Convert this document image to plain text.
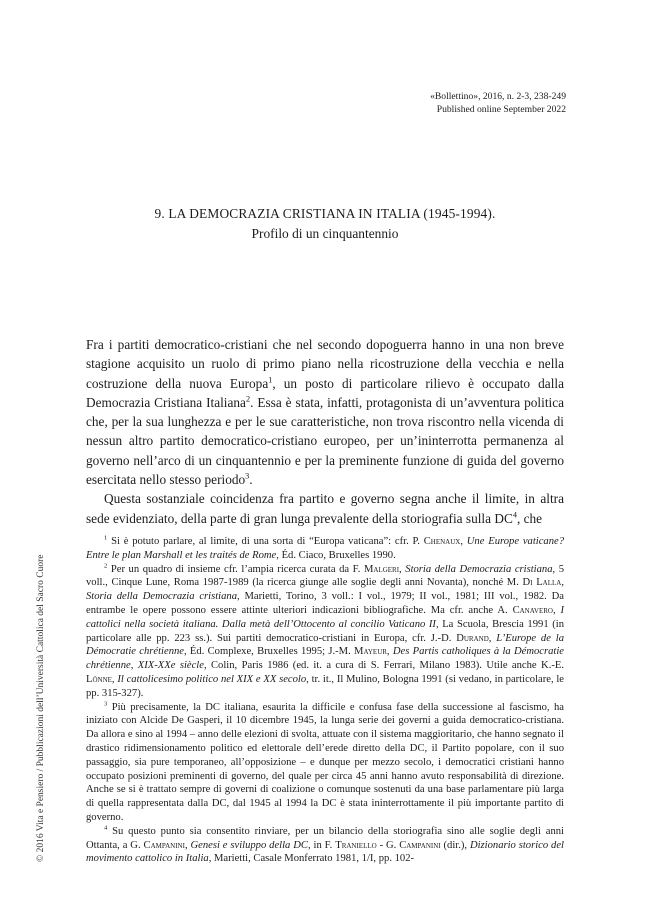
«Bollettino», 2016, n. 2-3, 238-249
Published online September 2022
9. LA DEMOCRAZIA CRISTIANA IN ITALIA (1945-1994).
Profilo di un cinquantennio

Fra i partiti democratico-cristiani che nel secondo dopoguerra hanno in una non breve stagione acquisito un ruolo di primo piano nella ricostruzione della vecchia e nella costruzione della nuova Europa$^1$, un posto di particolare rilievo è occupato dalla Democrazia Cristiana Italiana$^2$. Essa è stata, infatti, protagonista di un’avventura politica che, per la sua lunghezza e per le sue caratteristiche, non trova riscontro nella vicenda di nessun altro partito democratico-cristiano europeo, per un’ininterrotta permanenza al governo nell’arco di un cinquantennio e per la preminente funzione di guida del governo esercitata nello stesso periodo$^3$.

Questa sostanziale coincidenza fra partito e governo segna anche il limite, in altra sede evidenziato, della parte di gran lunga prevalente della storiografia sulla $DC^4$, che

$^1$ Si è potuto parlare, al limite, di una sorta di “Europa vaticana”: cfr. P. Chenaux, Une Europe vaticane? Entre le plan Marshall et les traités de Rome, Éd. Ciaco, Bruxelles 1990.

$^2$ Per un quadro di insieme cfr. l’ampia ricerca curata da F. Malgeri, Storia della Democrazia cristiana, 5 voll., Cinque Lune, Roma 1987-1989 (la ricerca giunge alle soglie degli anni Novanta), nonché M. Di Lalla, Storia della Democrazia cristiana, Marietti, Torino, 3 voll.: I vol., 1979; II vol., 1981; III vol., 1982. Da entrambe le opere possono essere attinte ulteriori indicazioni bibliografiche. Ma cfr. anche A. Canavero, I cattolici nella società italiana. Dalla metà dell’Ottocento al concilio Vaticano II, La Scuola, Brescia 1991 (in particolare alle pp. 223 ss.). Sui partiti democratico-cristiani in Europa, cfr. J.-D. Durand, L’Europe de la Démocratie chrétienne, Éd. Complexe, Bruxelles 1995; J.-M. Mayeur, Des Partis catholiques à la Démocratie chrétienne, XIX-XXe siècle, Colin, Paris 1986 (ed. it. a cura di S. Ferrari, Milano 1983). Utile anche K.-E. Lönne, Il cattolicesimo politico nel XIX e XX secolo, tr. it., Il Mulino, Bologna 1991 (si vedano, in particolare, le pp. 315-327).

$^3$ Più precisamente, la DC italiana, esaurita la difficile e confusa fase della successione al fascismo, ha iniziato con Alcide De Gasperi, il 10 dicembre 1945, la lunga serie dei governi a guida democratico-cristiana. Da allora e sino al 1994 – anno delle elezioni di svolta, attuate con il sistema maggioritario, che hanno segnato il drastico ridimensionamento politico ed elettorale dell’erede diretto della DC, il Partito popolare, con il suo passaggio, sia pure temporaneo, all’opposizione – e dunque per mezzo secolo, i democratici cristiani hanno occupato posizioni preminenti di governo, del quale per circa 45 anni hanno avuto responsabilità di direzione. Anche se si è trattato sempre di governi di coalizione o comunque sostenuti da una base parlamentare più larga di quella rappresentata dalla DC, dal 1945 al 1994 la DC è stata ininterrottamente il più importante partito di governo.

$^4$ Su questo punto sia consentito rinviare, per un bilancio della storiografia sino alle soglie degli anni Ottanta, a G. Campanini, Genesi e sviluppo della DC, in F. Traniello - G. Campanini (dir.), Dizionario storico del movimento cattolico in Italia, Marietti, Casale Monferrato 1981, 1/I, pp. 102-

© 2016 Vita e Pensiero / Pubblicazioni dell’Università Cattolica del Sacro Cuore
